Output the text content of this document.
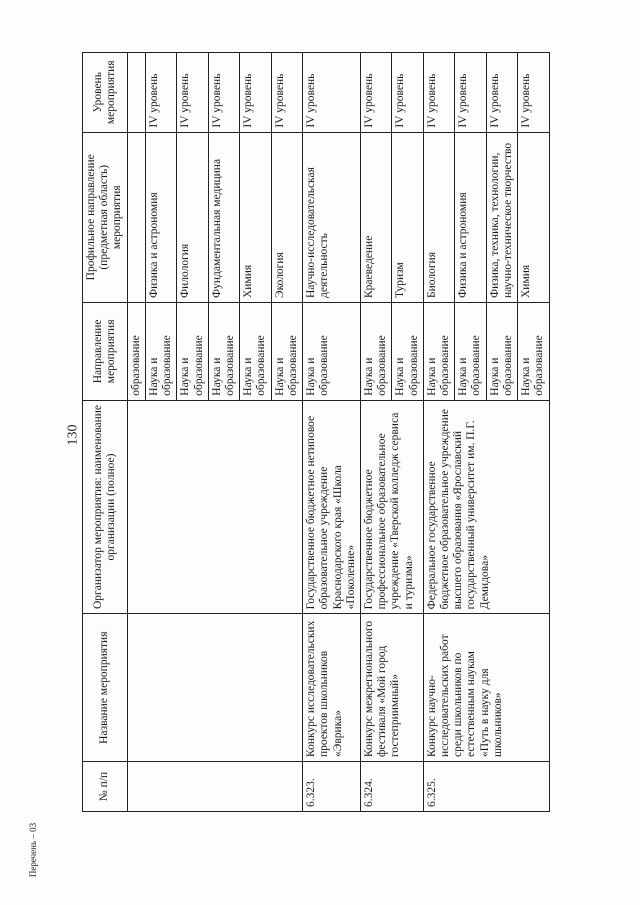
130
Перечень – 03
№ п/п	Название мероприятия	Организатор мероприятия: наименование организации (полное)	Направление мероприятия	Профильное направление (предметная область) мероприятия	Уровень мероприятия
			образование		
			Наука и образование	Физика и астрономия	IV уровень
			Наука и образование	Филология	IV уровень
			Наука и образование	Фундаментальная медицина	IV уровень
			Наука и образование	Химия	IV уровень
			Наука и образование	Экология	IV уровень
6.323.	Конкурс исследовательских проектов школьников «Эврика»	Государственное бюджетное нетиповое образовательное учреждение Краснодарского края «Школа «Поколение»	Наука и образование	Научно-исследовательская деятельность	IV уровень
6.324.	Конкурс межрегионального фестиваля «Мой город гостеприимный»	Государственное бюджетное профессиональное образовательное учреждение «Тверской колледж сервиса и туризма»	Наука и образование	Краеведение	IV уровень
			Наука и образование	Туризм	IV уровень
6.325.	Конкурс научно-исследовательских работ среди школьников по естественным наукам «Путь в науку для школьников»	Федеральное государственное бюджетное образовательное учреждение высшего образования «Ярославский государственный университет им. П.Г. Демидова»	Наука и образование	Биология	IV уровень
			Наука и образование	Физика и астрономия	IV уровень
			Наука и образование	Физика, техника, технологии, научно-техническое творчество	IV уровень
			Наука и образование	Химия	IV уровень
